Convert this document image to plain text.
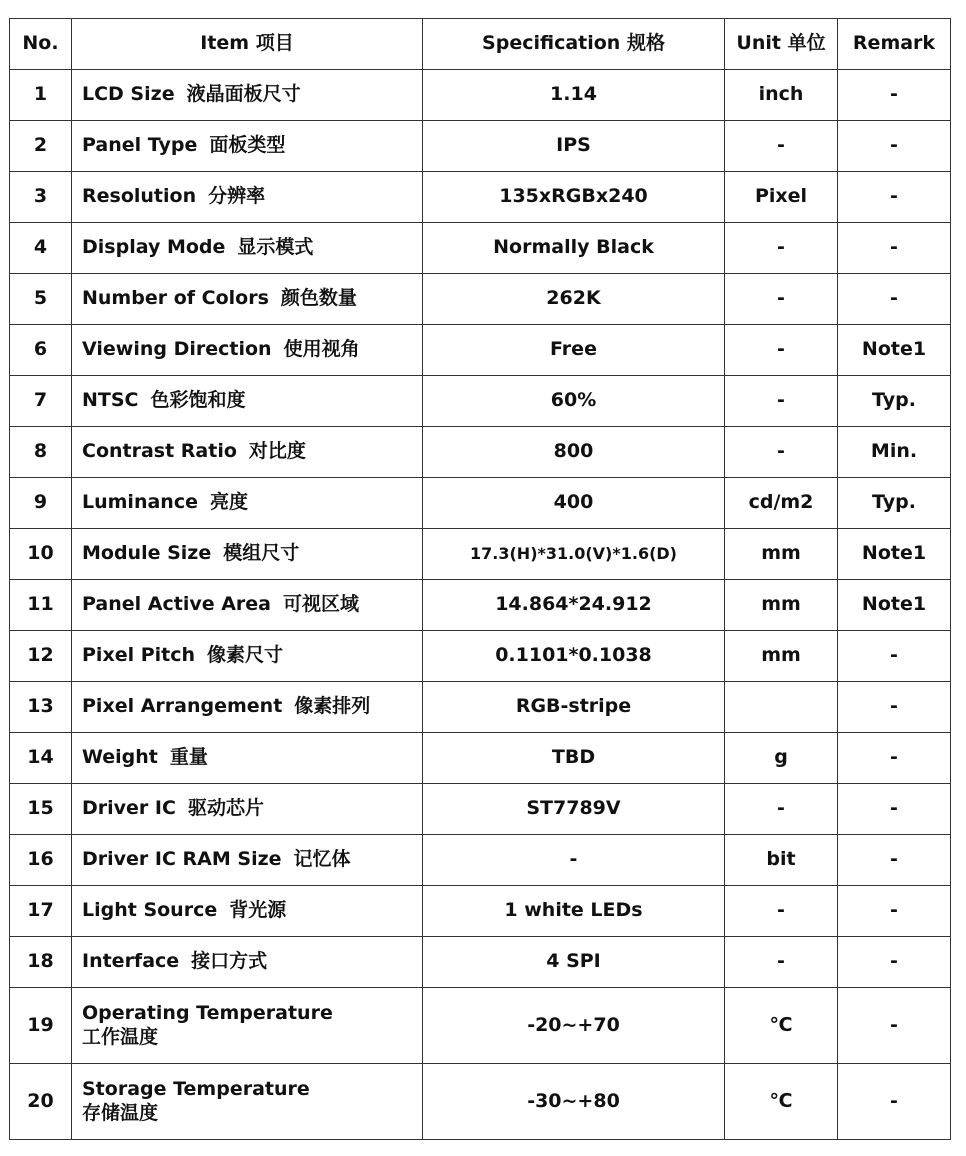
No.	Item 项目	Specification 规格	Unit 单位	Remark
1	LCD Size 液晶面板尺寸	1.14	inch	-
2	Panel Type 面板类型	IPS	-	-
3	Resolution 分辨率	135xRGBx240	Pixel	-
4	Display Mode 显示模式	Normally Black	-	-
5	Number of Colors 颜色数量	262K	-	-
6	Viewing Direction 使用视角	Free	-	Note1
7	NTSC 色彩饱和度	60%	-	Typ.
8	Contrast Ratio 对比度	800	-	Min.
9	Luminance 亮度	400	cd/m2	Typ.
10	Module Size 模组尺寸	17.3(H)*31.0(V)*1.6(D)	mm	Note1
11	Panel Active Area 可视区域	14.864*24.912	mm	Note1
12	Pixel Pitch 像素尺寸	0.1101*0.1038	mm	-
13	Pixel Arrangement 像素排列	RGB-stripe		-
14	Weight 重量	TBD	g	-
15	Driver IC 驱动芯片	ST7789V	-	-
16	Driver IC RAM Size 记忆体	-	bit	-
17	Light Source 背光源	1 white LEDs	-	-
18	Interface 接口方式	4 SPI	-	-
19	Operating Temperature
工作温度	-20~+70	℃	-
20	Storage Temperature
存储温度	-30~+80	℃	-
